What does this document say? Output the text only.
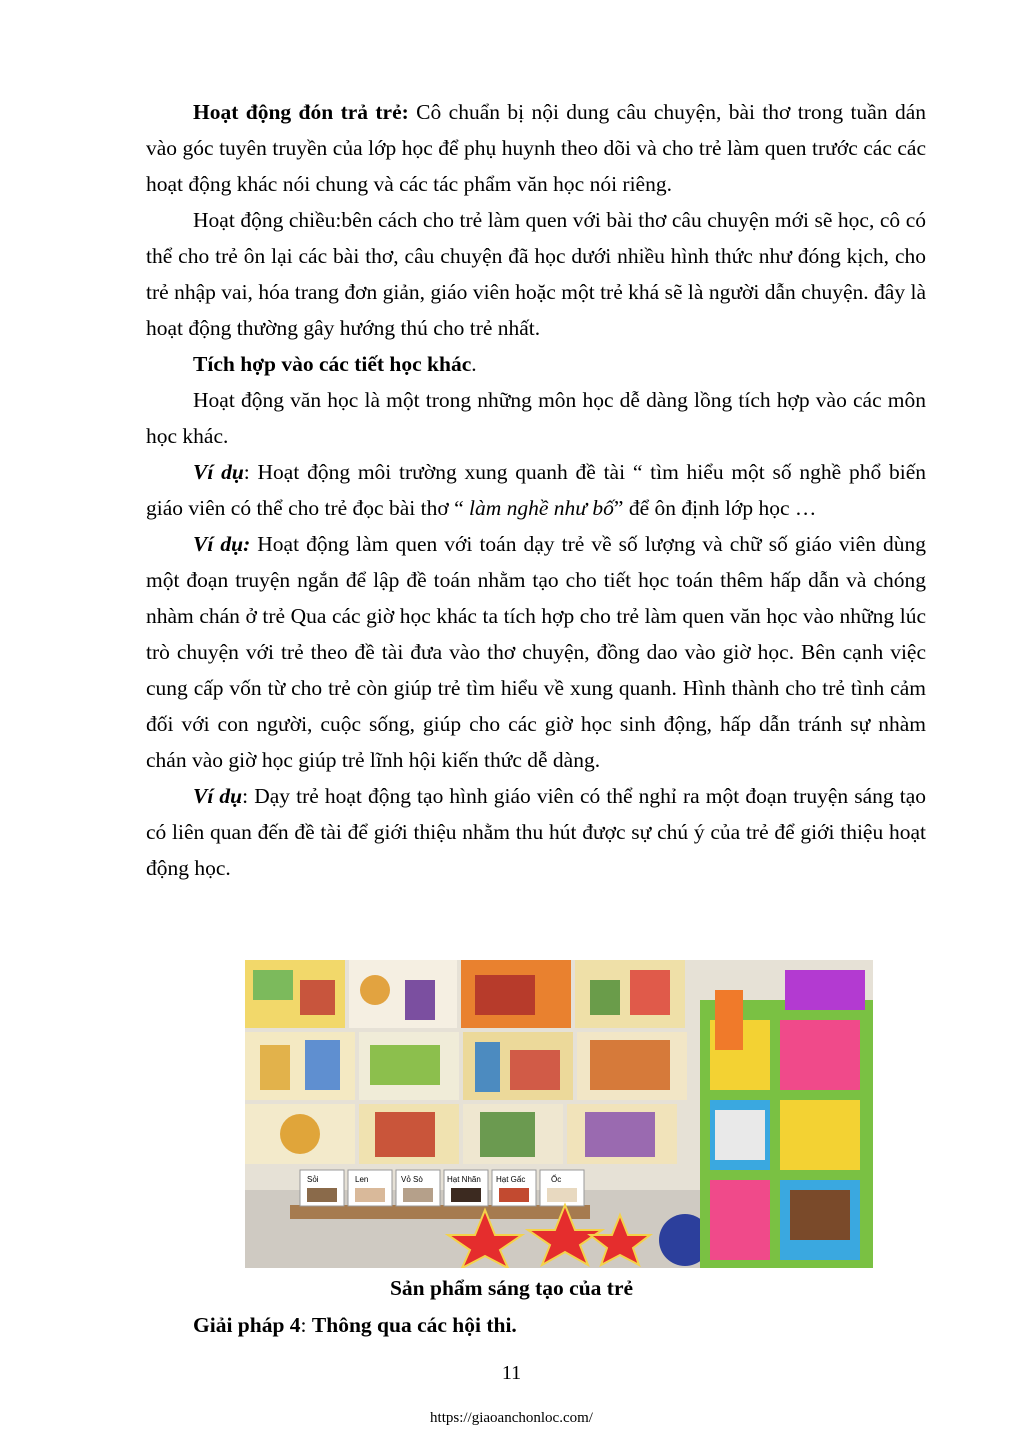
Hoạt động đón trả trẻ: Cô chuẩn bị nội dung câu chuyện, bài thơ trong tuần dán vào góc tuyên truyền của lớp học để phụ huynh theo dõi và cho trẻ làm quen trước các các hoạt động khác nói chung và các tác phẩm văn học nói riêng.

Hoạt động chiều:bên cách cho trẻ làm quen với bài thơ câu chuyện mới sẽ học, cô có thể cho trẻ ôn lại các bài thơ, câu chuyện đã học dưới nhiều hình thức như đóng kịch, cho trẻ nhập vai, hóa trang đơn giản, giáo viên hoặc một trẻ khá sẽ là người dẫn chuyện. đây là hoạt động thường gây hướng thú cho trẻ nhất.

Tích hợp vào các tiết học khác.

Hoạt động văn học là một trong những môn học dễ dàng lồng tích hợp vào các môn học khác.

Ví dụ: Hoạt động môi trường xung quanh đề tài “ tìm hiểu một số nghề phổ biến giáo viên có thể cho trẻ đọc bài thơ “ làm nghề như bố” để ôn định lớp học …

Ví dụ: Hoạt động làm quen với toán dạy trẻ về số lượng và chữ số giáo viên dùng một đoạn truyện ngắn để lập đề toán nhằm tạo cho tiết học toán thêm hấp dẫn và chóng nhàm chán ở trẻ Qua các giờ học khác ta tích hợp cho trẻ làm quen văn học vào những lúc trò chuyện với trẻ theo đề tài đưa vào thơ chuyện, đồng dao vào giờ học. Bên cạnh việc cung cấp vốn từ cho trẻ còn giúp trẻ tìm hiểu về xung quanh. Hình thành cho trẻ tình cảm đối với con người, cuộc sống, giúp cho các giờ học sinh động, hấp dẫn tránh sự nhàm chán vào giờ học giúp trẻ lĩnh hội kiến thức dễ dàng.

Ví dụ: Dạy trẻ hoạt động tạo hình giáo viên có thể nghỉ ra một đoạn truyện sáng tạo có liên quan đến đề tài để giới thiệu nhằm thu hút được sự chú ý của trẻ để giới thiệu hoạt động học.

Sỏi	Len	Vỏ Sò	Hạt Nhãn Hạt Gấc	Ốc
Sản phẩm sáng tạo của trẻ
Giải pháp 4: Thông qua các hội thi.
11
https://giaoanchonloc.com/
